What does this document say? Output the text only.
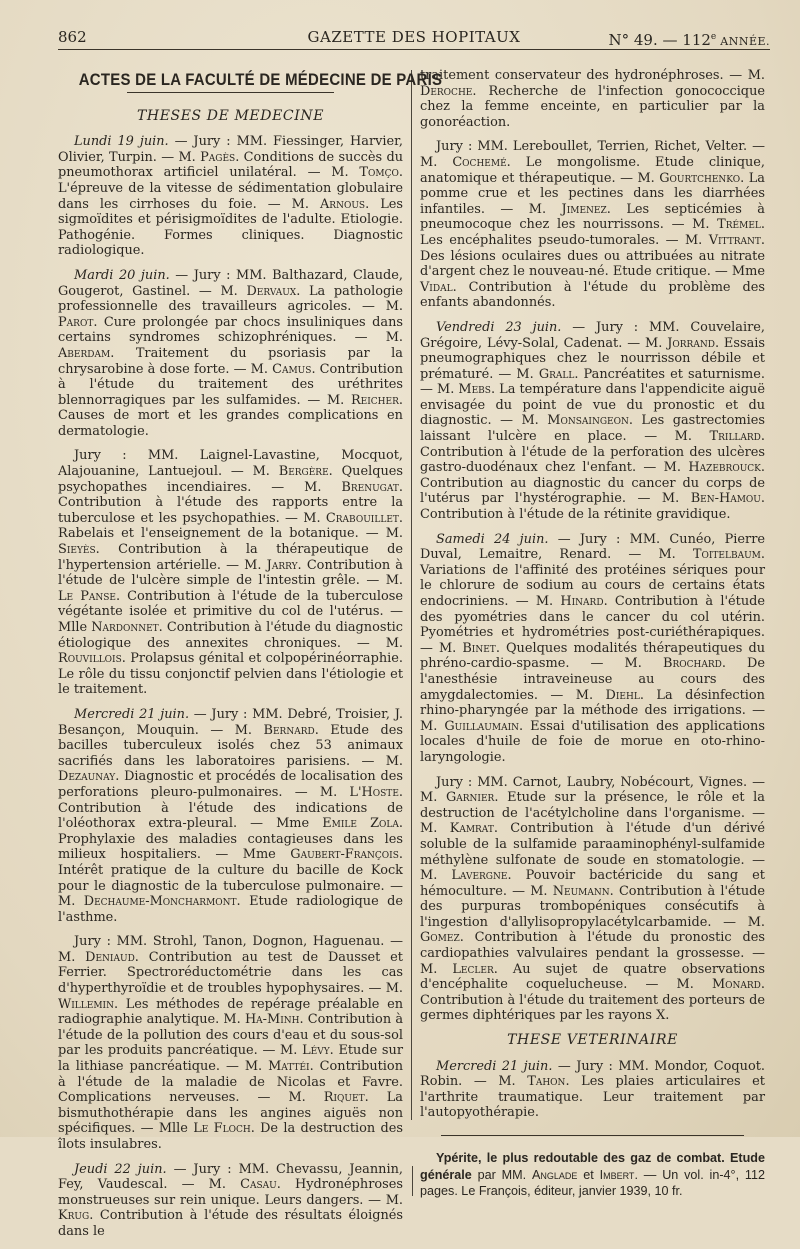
862	GAZETTE DES HOPITAUX	N° 49. — 112e ANNÉE.
ACTES DE LA FACULTÉ DE MÉDECINE DE PARIS
THESES DE MEDECINE

Lundi 19 juin. — Jury : MM. Fiessinger, Harvier, Olivier, Turpin. — M. Pagès. Conditions de succès du pneumothorax artificiel unilatéral. — M. Tomço. L'épreuve de la vitesse de sédimentation globulaire dans les cirrhoses du foie. — M. Arnous. Les sigmoïdites et périsigmoïdites de l'adulte. Etiologie. Pathogénie. Formes cliniques. Diagnostic radiologique.

Mardi 20 juin. — Jury : MM. Balthazard, Claude, Gougerot, Gastinel. — M. Dervaux. La pathologie professionnelle des travailleurs agricoles. — M. Parot. Cure prolongée par chocs insuliniques dans certains syndromes schizophréniques. — M. Aberdam. Traitement du psoriasis par la chrysarobine à dose forte. — M. Camus. Contribution à l'étude du traitement des uréthrites blennorragiques par les sulfamides. — M. Reicher. Causes de mort et les grandes complications en dermatologie.

Jury : MM. Laignel-Lavastine, Mocquot, Alajouanine, Lantuejoul. — M. Bergère. Quelques psychopathes incendiaires. — M. Brenugat. Contribution à l'étude des rapports entre la tuberculose et les psychopathies. — M. Crabouillet. Rabelais et l'enseignement de la botanique. — M. Sieyès. Contribution à la thérapeutique de l'hypertension artérielle. — M. Jarry. Contribution à l'étude de l'ulcère simple de l'intestin grêle. — M. Le Panse. Contribution à l'étude de la tuberculose végétante isolée et primitive du col de l'utérus. — Mlle Nardonnet. Contribution à l'étude du diagnostic étiologique des annexites chroniques. — M. Rouvillois. Prolapsus génital et colpopérinéorraphie. Le rôle du tissu conjonctif pelvien dans l'étiologie et le traitement.

Mercredi 21 juin. — Jury : MM. Debré, Troisier, J. Besançon, Mouquin. — M. Bernard. Etude des bacilles tuberculeux isolés chez 53 animaux sacrifiés dans les laboratoires parisiens. — M. Dezaunay. Diagnostic et procédés de localisation des perforations pleuro-pulmonaires. — M. L'Hoste. Contribution à l'étude des indications de l'oléothorax extra-pleural. — Mme Emile Zola. Prophylaxie des maladies contagieuses dans les milieux hospitaliers. — Mme Gaubert-François. Intérêt pratique de la culture du bacille de Kock pour le diagnostic de la tuberculose pulmonaire. — M. Dechaume-Moncharmont. Etude radiologique de l'asthme.

Jury : MM. Strohl, Tanon, Dognon, Haguenau. — M. Deniaud. Contribution au test de Dausset et Ferrier. Spectroréductométrie dans les cas d'hyperthyroïdie et de troubles hypophysaires. — M. Willemin. Les méthodes de repérage préalable en radiographie analytique. M. Ha-Minh. Contribution à l'étude de la pollution des cours d'eau et du sous-sol par les produits pancréatique. — M. Lévy. Etude sur la lithiase pancréatique. — M. Mattéi. Contribution à l'étude de la maladie de Nicolas et Favre. Complications nerveuses. — M. Riquet. La bismuthothérapie dans les angines aiguës non spécifiques. — Mlle Le Floch. De la destruction des îlots insulabres.

Jeudi 22 juin. — Jury : MM. Chevassu, Jeannin, Fey, Vaudescal. — M. Casau. Hydronéphroses monstrueuses sur rein unique. Leurs dangers. — M. Krug. Contribution à l'étude des résultats éloignés dans le

traitement conservateur des hydronéphroses. — M. Deroche. Recherche de l'infection gonococcique chez la femme enceinte, en particulier par la gonoréaction.

Jury : MM. Lereboullet, Terrien, Richet, Velter. — M. Cochemé. Le mongolisme. Etude clinique, anatomique et thérapeutique. — M. Gourtchenko. La pomme crue et les pectines dans les diarrhées infantiles. — M. Jimenez. Les septicémies à pneumocoque chez les nourrissons. — M. Trémel. Les encéphalites pseudo-tumorales. — M. Vittrant. Des lésions oculaires dues ou attribuées au nitrate d'argent chez le nouveau-né. Etude critique. — Mme Vidal. Contribution à l'étude du problème des enfants abandonnés.

Vendredi 23 juin. — Jury : MM. Couvelaire, Grégoire, Lévy-Solal, Cadenat. — M. Jorrand. Essais pneumographiques chez le nourrisson débile et prématuré. — M. Grall. Pancréatites et saturnisme. — M. Mebs. La température dans l'appendicite aiguë envisagée du point de vue du pronostic et du diagnostic. — M. Monsaingeon. Les gastrectomies laissant l'ulcère en place. — M. Trillard. Contribution à l'étude de la perforation des ulcères gastro-duodénaux chez l'enfant. — M. Hazebrouck. Contribution au diagnostic du cancer du corps de l'utérus par l'hystérographie. — M. Ben-Hamou. Contribution à l'étude de la rétinite gravidique.

Samedi 24 juin. — Jury : MM. Cunéo, Pierre Duval, Lemaitre, Renard. — M. Toitelbaum. Variations de l'affinité des protéines sériques pour le chlorure de sodium au cours de certains états endocriniens. — M. Hinard. Contribution à l'étude des pyométries dans le cancer du col utérin. Pyométries et hydrométries post-curiéthérapiques. — M. Binet. Quelques modalités thérapeutiques du phréno-cardio-spasme. — M. Brochard. De l'anesthésie intraveineuse au cours des amygdalectomies. — M. Diehl. La désinfection rhino-pharyngée par la méthode des irrigations. — M. Guillaumain. Essai d'utilisation des applications locales d'huile de foie de morue en oto-rhino-laryngologie.

Jury : MM. Carnot, Laubry, Nobécourt, Vignes. — M. Garnier. Etude sur la présence, le rôle et la destruction de l'acétylcholine dans l'organisme. — M. Kamrat. Contribution à l'étude d'un dérivé soluble de la sulfamide paraaminophényl-sulfamide méthylène sulfonate de soude en stomatologie. — M. Lavergne. Pouvoir bactéricide du sang et hémoculture. — M. Neumann. Contribution à l'étude des purpuras trombopéniques consécutifs à l'ingestion d'allylisopropylacétylcarbamide. — M. Gomez. Contribution à l'étude du pronostic des cardiopathies valvulaires pendant la grossesse. — M. Lecler. Au sujet de quatre observations d'encéphalite coquelucheuse. — M. Monard. Contribution à l'étude du traitement des porteurs de germes diphtériques par les rayons X.

THESE VETERINAIRE

Mercredi 21 juin. — Jury : MM. Mondor, Coquot. Robin. — M. Tahon. Les plaies articulaires et l'arthrite traumatique. Leur traitement par l'autopyothérapie.

Ypérite, le plus redoutable des gaz de combat. Etude générale par MM. Anglade et Imbert. — Un vol. in-4°, 112 pages. Le François, éditeur, janvier 1939, 10 fr.
